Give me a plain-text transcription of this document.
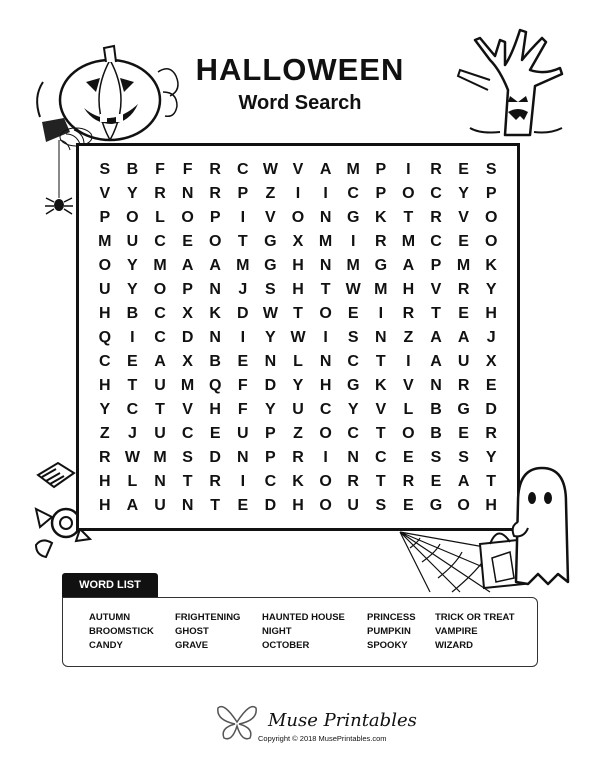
HALLOWEEN
Word Search
S	B	F	F	R	C W V	A M P	I	R	E	S
V	Y	R	N	R	P	Z	I	I	C	P	O C	Y	P
P	O	L	O	P	I	V	O N G K	T	R	V	O
M U	C	E	O	T	G	X M	I	R M C	E	O
O	Y M A	A M G H	N M G A	P M K
U	Y	O	P	N	J	S	H	T W M H	V	R	Y
H	B	C	X	K	D W T	O	E	I	R	T	E	H
Q	I	C	D	N	I	Y W	I	S	N	Z	A	A	J
C	E	A	X	B	E	N	L	N	C	T	I	A	U	X
H	T	U M Q	F	D	Y	H G K	V	N	R	E
Y	C	T	V	H	F	Y	U	C	Y	V	L	B G D
Z	J	U	C	E	U	P	Z	O C	T	O B	E	R
R W M S	D	N	P	R	I	N	C	E	S	S	Y
H	L	N	T	R	I	C	K O R	T	R	E	A	T
H	A	U	N	T	E	D	H O U	S	E	G O H
WORD LIST
AUTUMN
BROOMSTICK
CANDY
FRIGHTENING
GHOST
GRAVE
HAUNTED HOUSE
NIGHT
OCTOBER
PRINCESS
PUMPKIN
SPOOKY
TRICK OR TREAT
VAMPIRE
WIZARD
Muse Printables
Copyright © 2018 MusePrintables.com
